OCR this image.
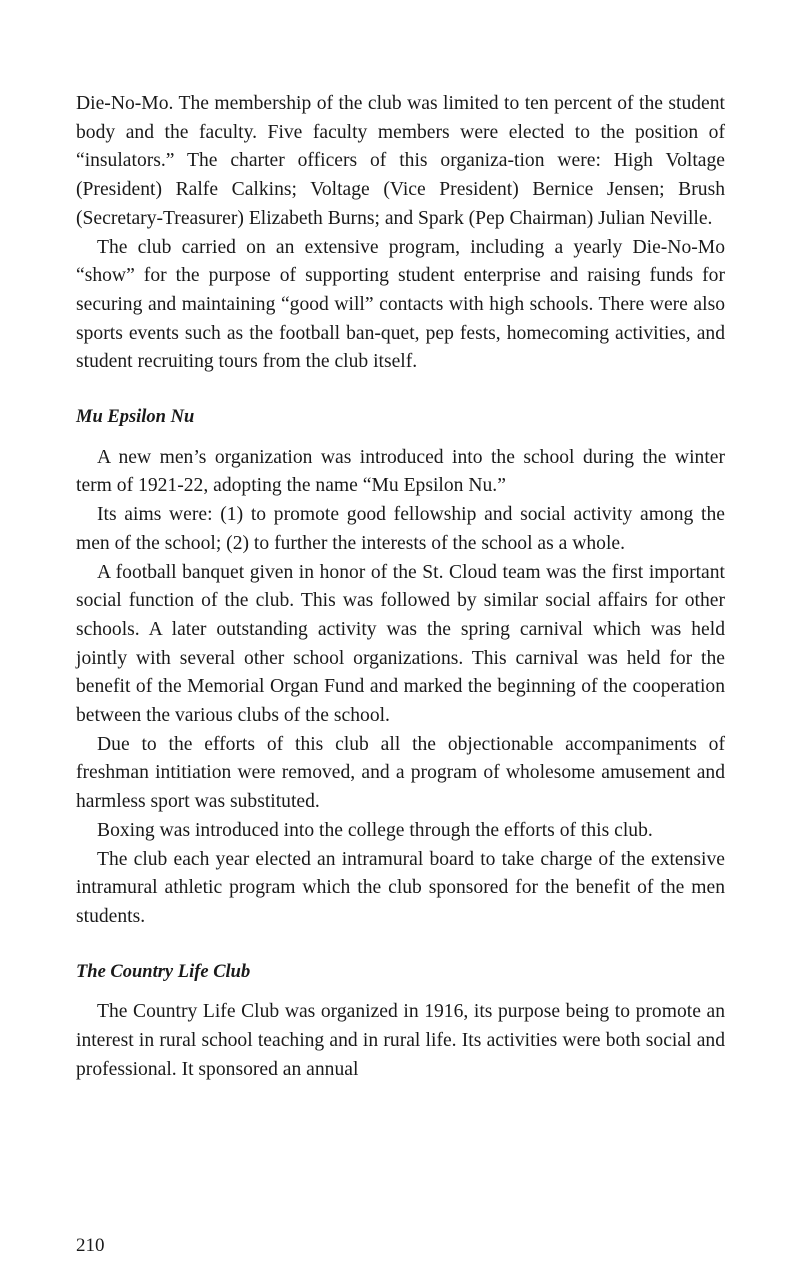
Die-No-Mo. The membership of the club was limited to ten percent of the student body and the faculty. Five faculty members were elected to the position of “insulators.” The charter officers of this organiza-tion were: High Voltage (President) Ralfe Calkins; Voltage (Vice President) Bernice Jensen; Brush (Secretary-Treasurer) Elizabeth Burns; and Spark (Pep Chairman) Julian Neville.

The club carried on an extensive program, including a yearly Die-No-Mo “show” for the purpose of supporting student enterprise and raising funds for securing and maintaining “good will” contacts with high schools. There were also sports events such as the football ban-quet, pep fests, homecoming activities, and student recruiting tours from the club itself.

Mu Epsilon Nu

A new men’s organization was introduced into the school during the winter term of 1921-22, adopting the name “Mu Epsilon Nu.”

Its aims were: (1) to promote good fellowship and social activity among the men of the school; (2) to further the interests of the school as a whole.

A football banquet given in honor of the St. Cloud team was the first important social function of the club. This was followed by similar social affairs for other schools. A later outstanding activity was the spring carnival which was held jointly with several other school organizations. This carnival was held for the benefit of the Memorial Organ Fund and marked the beginning of the cooperation between the various clubs of the school.

Due to the efforts of this club all the objectionable accompaniments of freshman intitiation were removed, and a program of wholesome amusement and harmless sport was substituted.

Boxing was introduced into the college through the efforts of this club.

The club each year elected an intramural board to take charge of the extensive intramural athletic program which the club sponsored for the benefit of the men students.

The Country Life Club

The Country Life Club was organized in 1916, its purpose being to promote an interest in rural school teaching and in rural life. Its activities were both social and professional. It sponsored an annual

210
